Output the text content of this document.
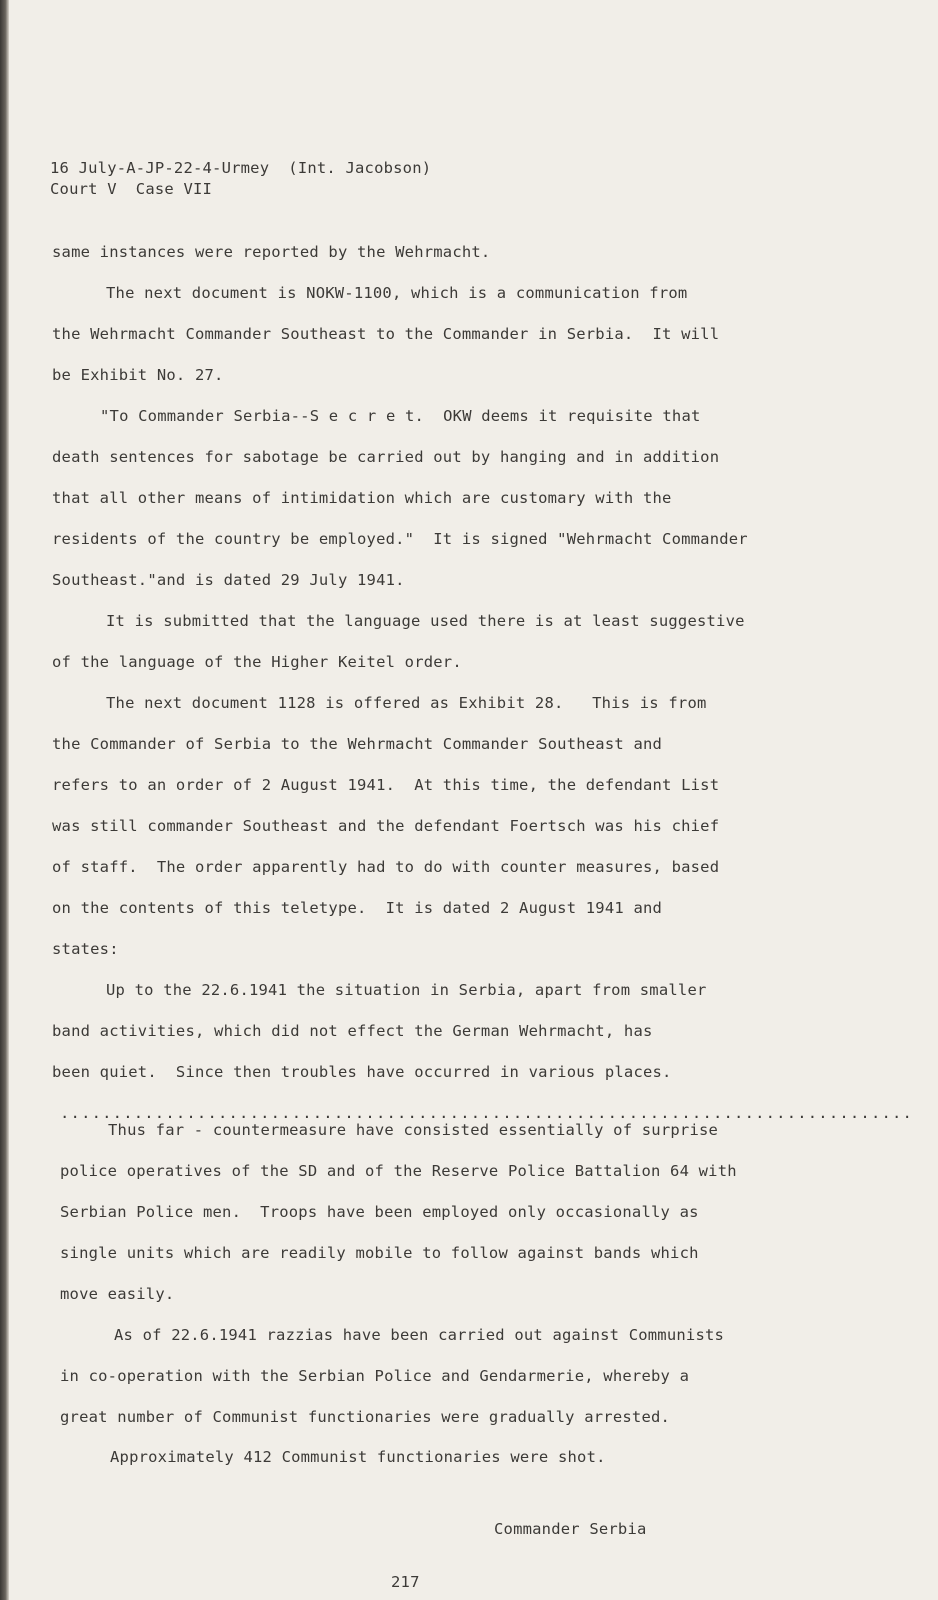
16 July-A-JP-22-4-Urmey  (Int. Jacobson)
Court V  Case VII
same instances were reported by the Wehrmacht.
The next document is NOKW-1100, which is a communication from
the Wehrmacht Commander Southeast to the Commander in Serbia.  It will
be Exhibit No. 27.
"To Commander Serbia--S e c r e t.  OKW deems it requisite that
death sentences for sabotage be carried out by hanging and in addition
that all other means of intimidation which are customary with the
residents of the country be employed."  It is signed "Wehrmacht Commander
Southeast."and is dated 29 July 1941.
It is submitted that the language used there is at least suggestive
of the language of the Higher Keitel order.
The next document 1128 is offered as Exhibit 28.   This is from
the Commander of Serbia to the Wehrmacht Commander Southeast and
refers to an order of 2 August 1941.  At this time, the defendant List
was still commander Southeast and the defendant Foertsch was his chief
of staff.  The order apparently had to do with counter measures, based
on the contents of this teletype.  It is dated 2 August 1941 and
states:
Up to the 22.6.1941 the situation in Serbia, apart from smaller
band activities, which did not effect the German Wehrmacht, has
been quiet.  Since then troubles have occurred in various places.
.................................................................................
Thus far - countermeasure have consisted essentially of surprise
police operatives of the SD and of the Reserve Police Battalion 64 with
Serbian Police men.  Troops have been employed only occasionally as
single units which are readily mobile to follow against bands which
move easily.
As of 22.6.1941 razzias have been carried out against Communists
in co-operation with the Serbian Police and Gendarmerie, whereby a
great number of Communist functionaries were gradually arrested.
Approximately 412 Communist functionaries were shot.
Commander Serbia
217
